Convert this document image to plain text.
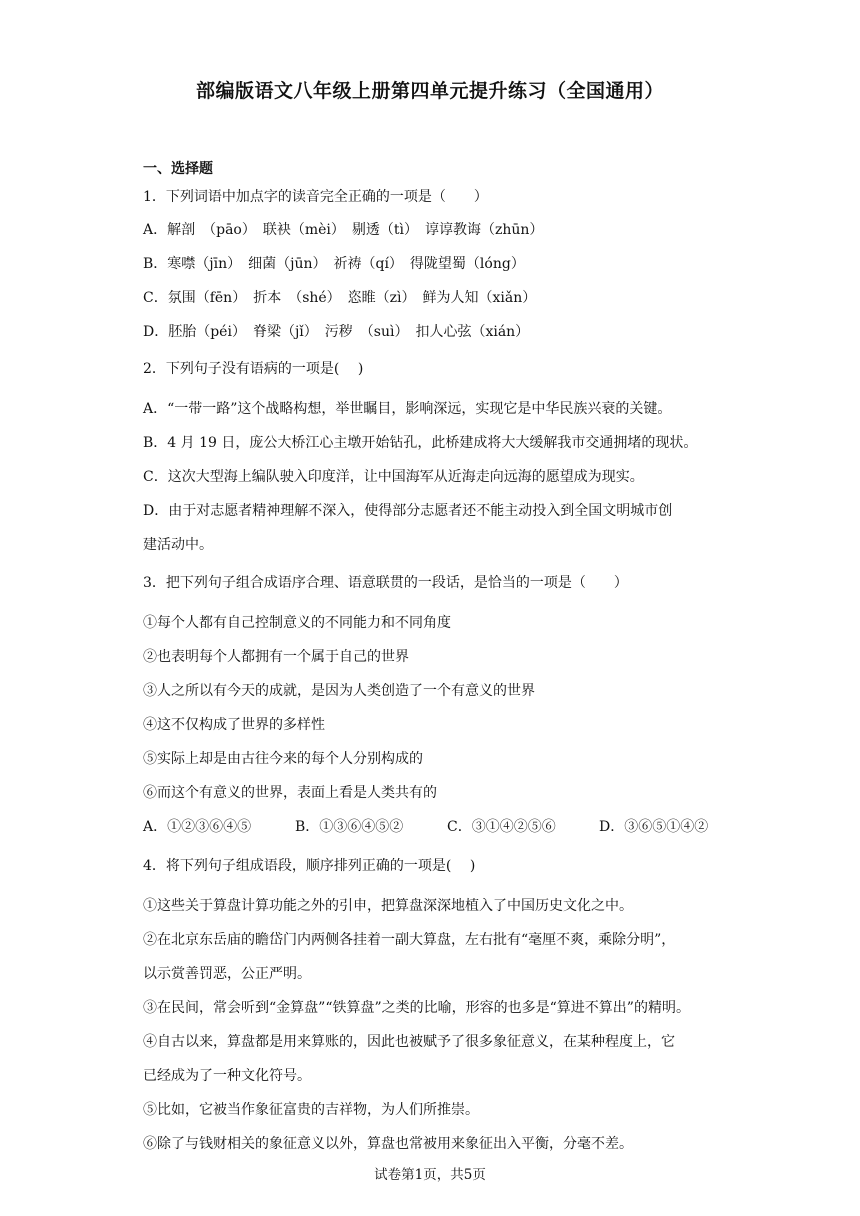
部编版语文八年级上册第四单元提升练习（全国通用）
一、选择题
1．下列词语中加点字的读音完全正确的一项是（　　）
A．解剖　（pāo）　联袂（mèi）　剔透（tì）　谆谆教诲（zhūn）
B．寒噤（jīn）　细菌（jūn）　祈祷（qí）　得陇望蜀（lóng）
C．氛围（fēn）　折本　（shé）　恣睢（zì）　鲜为人知（xiǎn）
D．胚胎（péi）　脊梁（jǐ）　污秽　（suì）　扣人心弦（xián）
2．下列句子没有语病的一项是(　 )
A．“一带一路”这个战略构想，举世瞩目，影响深远，实现它是中华民族兴衰的关键。
B．4 月 19 日，庞公大桥江心主墩开始钻孔，此桥建成将大大缓解我市交通拥堵的现状。
C．这次大型海上编队驶入印度洋，让中国海军从近海走向远海的愿望成为现实。
D．由于对志愿者精神理解不深入，使得部分志愿者还不能主动投入到全国文明城市创
建活动中。
3．把下列句子组合成语序合理、语意联贯的一段话，是恰当的一项是（　　）
①每个人都有自己控制意义的不同能力和不同角度
②也表明每个人都拥有一个属于自己的世界
③人之所以有今天的成就，是因为人类创造了一个有意义的世界
④这不仅构成了世界的多样性
⑤实际上却是由古往今来的每个人分别构成的
⑥而这个有意义的世界，表面上看是人类共有的
A．①②③⑥④⑤	B．①③⑥④⑤②	C．③①④②⑤⑥	D．③⑥⑤①④②
4．将下列句子组成语段，顺序排列正确的一项是(　 )
①这些关于算盘计算功能之外的引申，把算盘深深地植入了中国历史文化之中。
②在北京东岳庙的瞻岱门内两侧各挂着一副大算盘，左右批有“毫厘不爽，乘除分明”，
以示赏善罚恶，公正严明。
③在民间，常会听到“金算盘”“铁算盘”之类的比喻，形容的也多是“算进不算出”的精明。
④自古以来，算盘都是用来算账的，因此也被赋予了很多象征意义，在某种程度上，它
已经成为了一种文化符号。
⑤比如，它被当作象征富贵的吉祥物，为人们所推崇。
⑥除了与钱财相关的象征意义以外，算盘也常被用来象征出入平衡，分毫不差。
试卷第1页，共5页
